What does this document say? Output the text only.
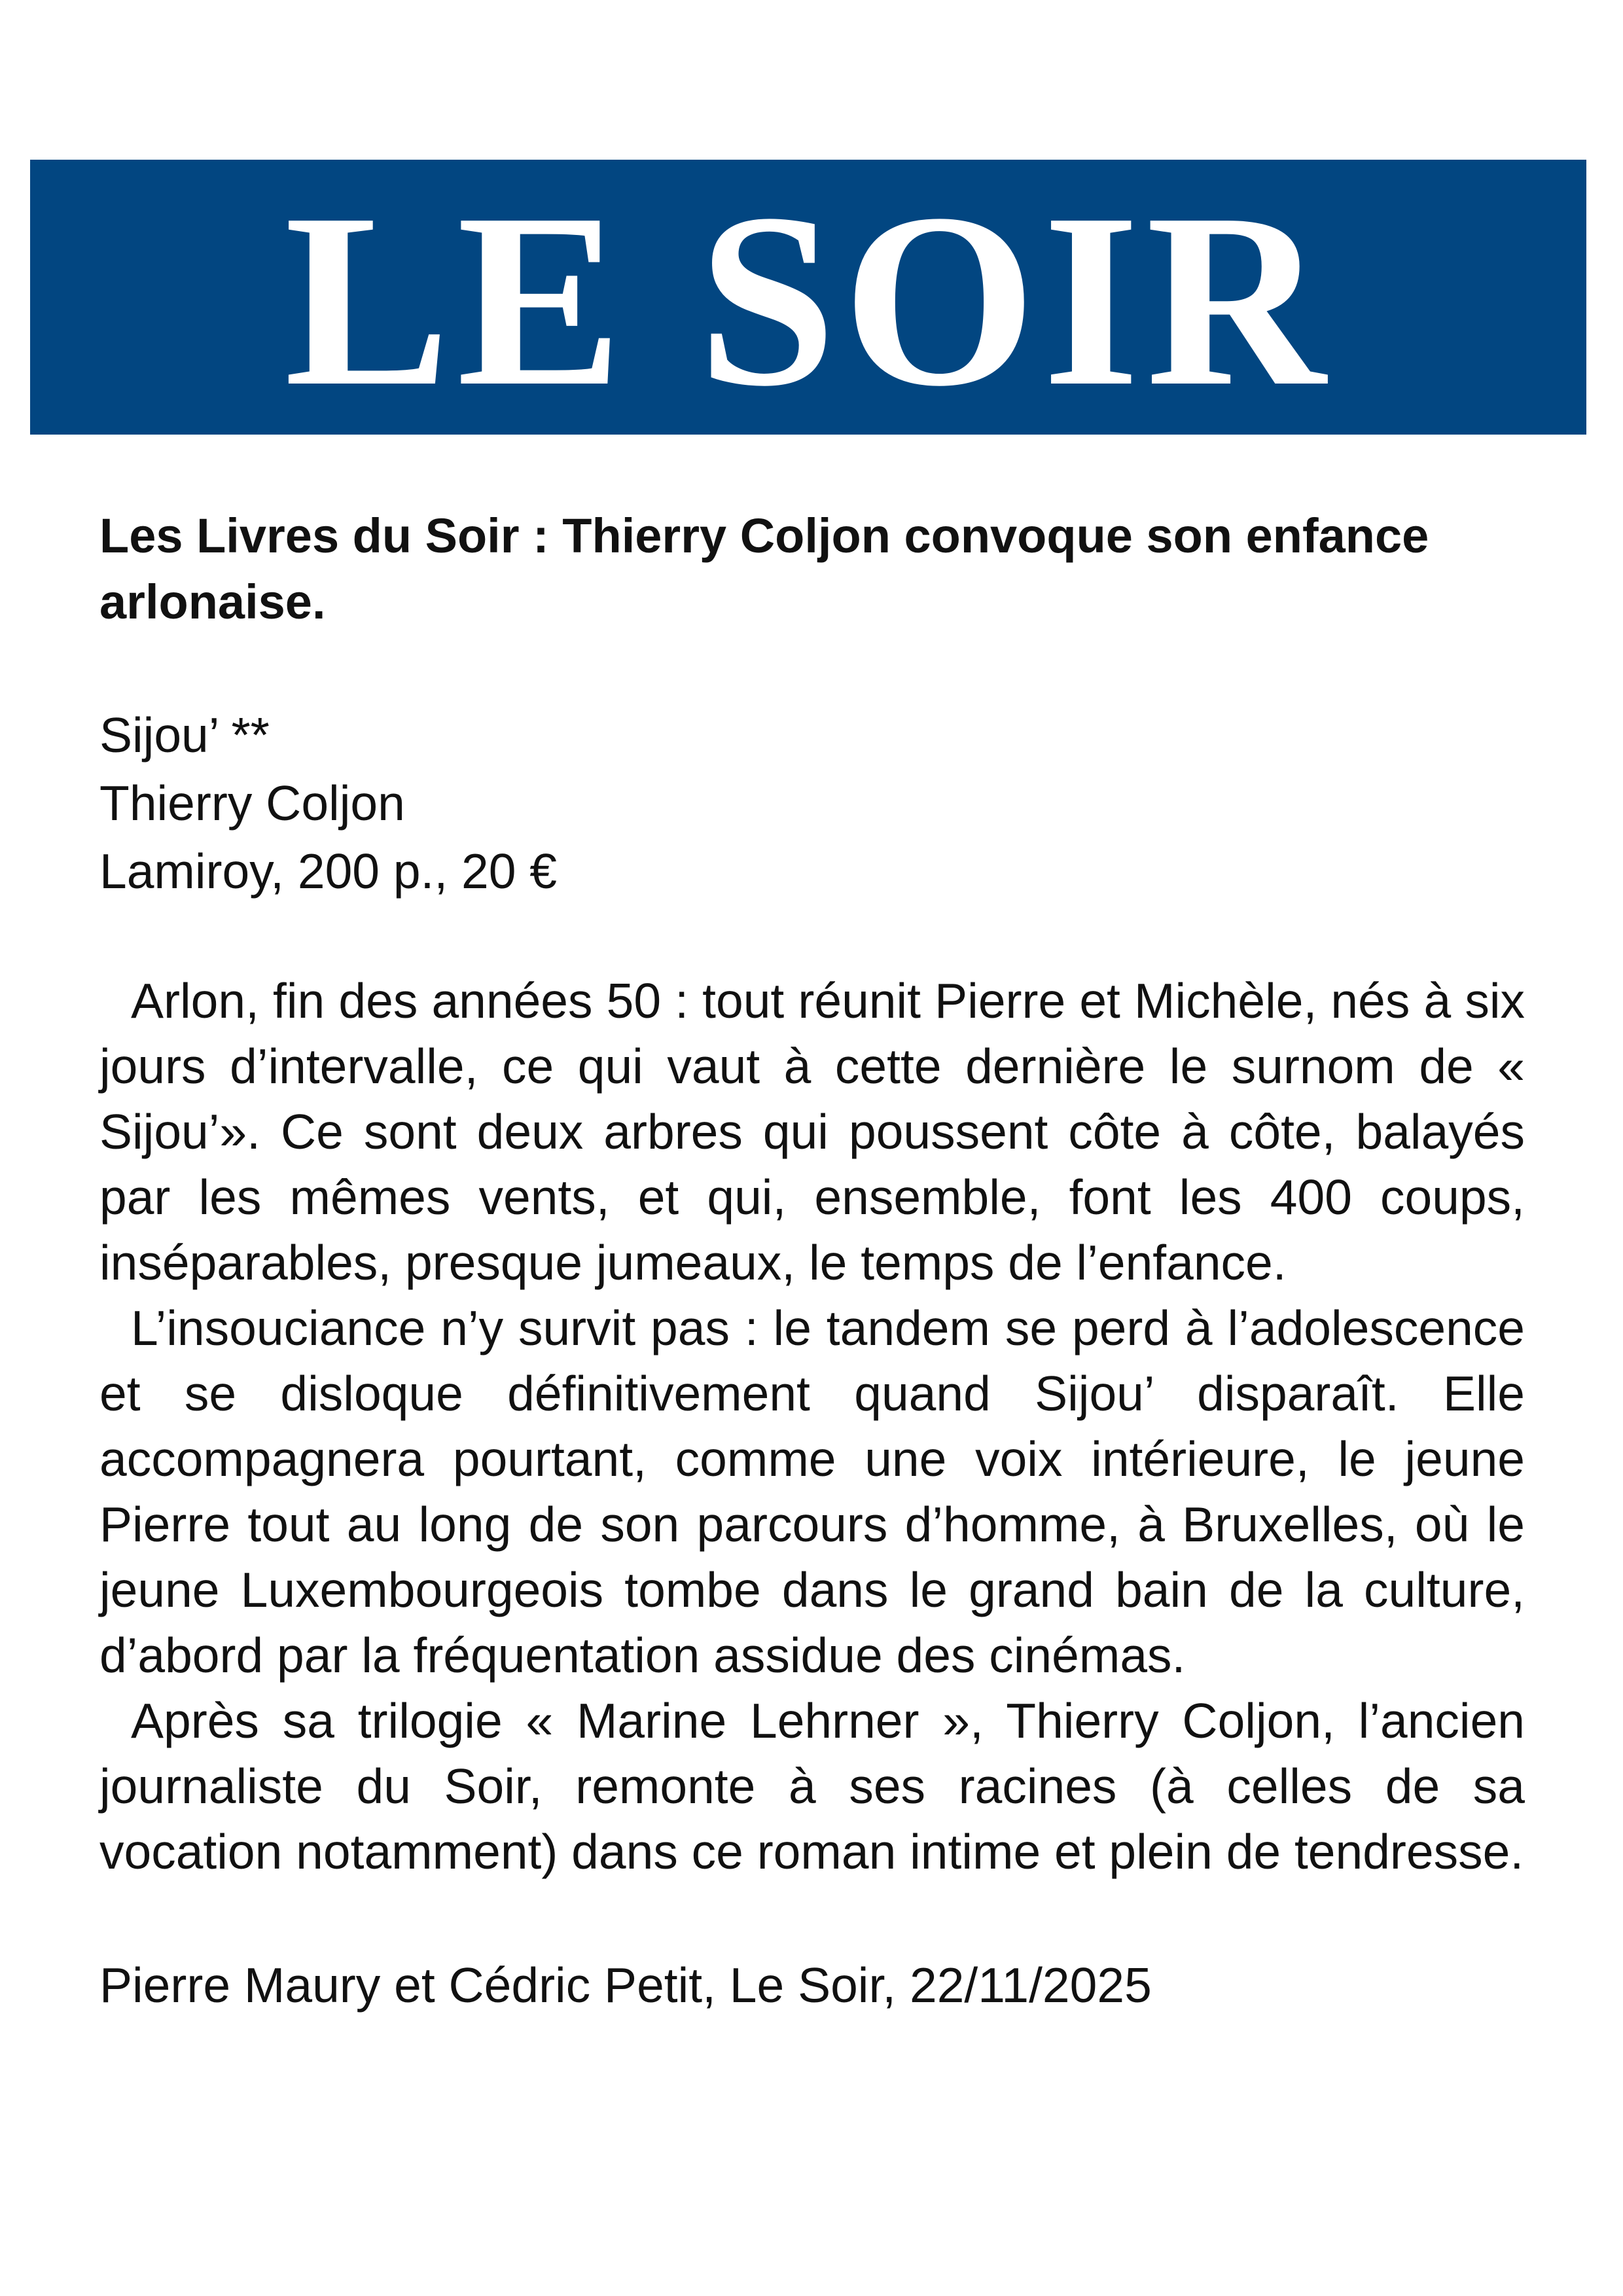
LE SOIR
Les Livres du Soir : Thierry Coljon convoque son enfance arlonaise.
Sijou’ **
Thierry Coljon
Lamiroy, 200 p., 20 €

Arlon, fin des années 50 : tout réunit Pierre et Michèle, nés à six jours d’intervalle, ce qui vaut à cette dernière le surnom de « Sijou’». Ce sont deux arbres qui poussent côte à côte, balayés par les mêmes vents, et qui, ensemble, font les 400 coups, inséparables, presque jumeaux, le temps de l’enfance.

L’insouciance n’y survit pas : le tandem se perd à l’adolescence et se disloque définitivement quand Sijou’ disparaît. Elle accompagnera pourtant, comme une voix intérieure, le jeune Pierre tout au long de son parcours d’homme, à Bruxelles, où le jeune Luxembourgeois tombe dans le grand bain de la culture, d’abord par la fréquentation assidue des cinémas.

Après sa trilogie « Marine Lehrner », Thierry Coljon, l’ancien journaliste du Soir, remonte à ses racines (à celles de sa vocation notamment) dans ce roman intime et plein de tendresse.

Pierre Maury et Cédric Petit, Le Soir, 22/11/2025
